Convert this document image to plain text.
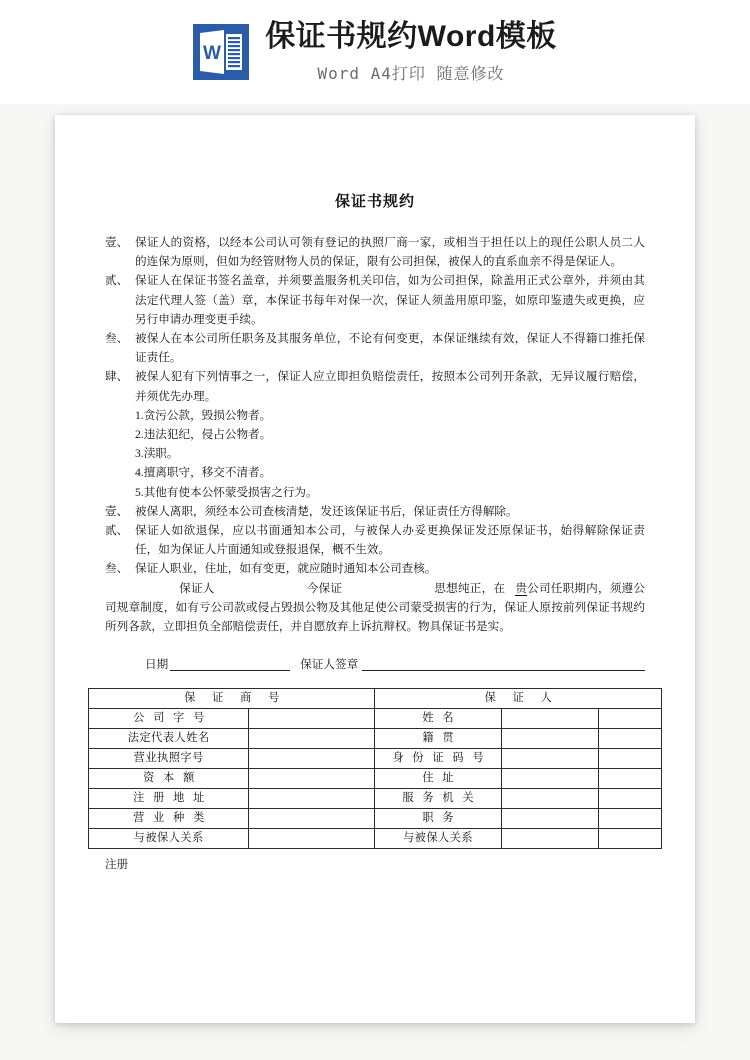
W
保证书规约Word模板
Word A4打印 随意修改
保证书规约
壹、 保证人的资格，以经本公司认可领有登记的执照厂商一家，或相当于担任以上的现任公职人员二人的连保为原则，但如为经管财物人员的保证，限有公司担保，被保人的直系血亲不得是保证人。
贰、 保证人在保证书签名盖章，并须要盖服务机关印信，如为公司担保，除盖用正式公章外，并须由其法定代理人签（盖）章，本保证书每年对保一次，保证人须盖用原印鉴，如原印鉴遗失或更换，应另行申请办理变更手续。
叁、 被保人在本公司所任职务及其服务单位，不论有何变更，本保证继续有效，保证人不得籍口推托保证责任。
肆、 被保人犯有下列情事之一，保证人应立即担负赔偿责任，按照本公司列开条款，无异议履行赔偿，并须优先办理。
1.贪污公款，毁损公物者。
2.违法犯纪，侵占公物者。
3.渎职。
4.擅离职守，移交不清者。
5.其他有使本公怀蒙受损害之行为。
壹、 被保人离职，须经本公司查核清楚，发还该保证书后，保证责任方得解除。
贰、 保证人如欲退保，应以书面通知本公司，与被保人办妥更换保证发还原保证书，始得解除保证责任，如为保证人片面通知或登报退保，概不生效。
叁、 保证人职业，住址，如有变更，就应随时通知本公司查核。
保证人	今保证	思想纯正，在 贵公司任职期内，须遵公司规章制度，如有亏公司款或侵占毁损公物及其他足使公司蒙受损害的行为，保证人原按前列保证书规约所列各款，立即担负全部赔偿责任，并自愿放弃上诉抗辩权。物具保证书是实。
日期	保证人签章
保 证 商 号		保 证 人		
公 司 字 号		姓 名		
法定代表人姓名		籍 贯		
营业执照字号		身 份 证 码 号		
资 本 额		住 址		
注 册 地 址		服 务 机 关		
营 业 种 类		职 务		
与被保人关系		与被保人关系		
注册
